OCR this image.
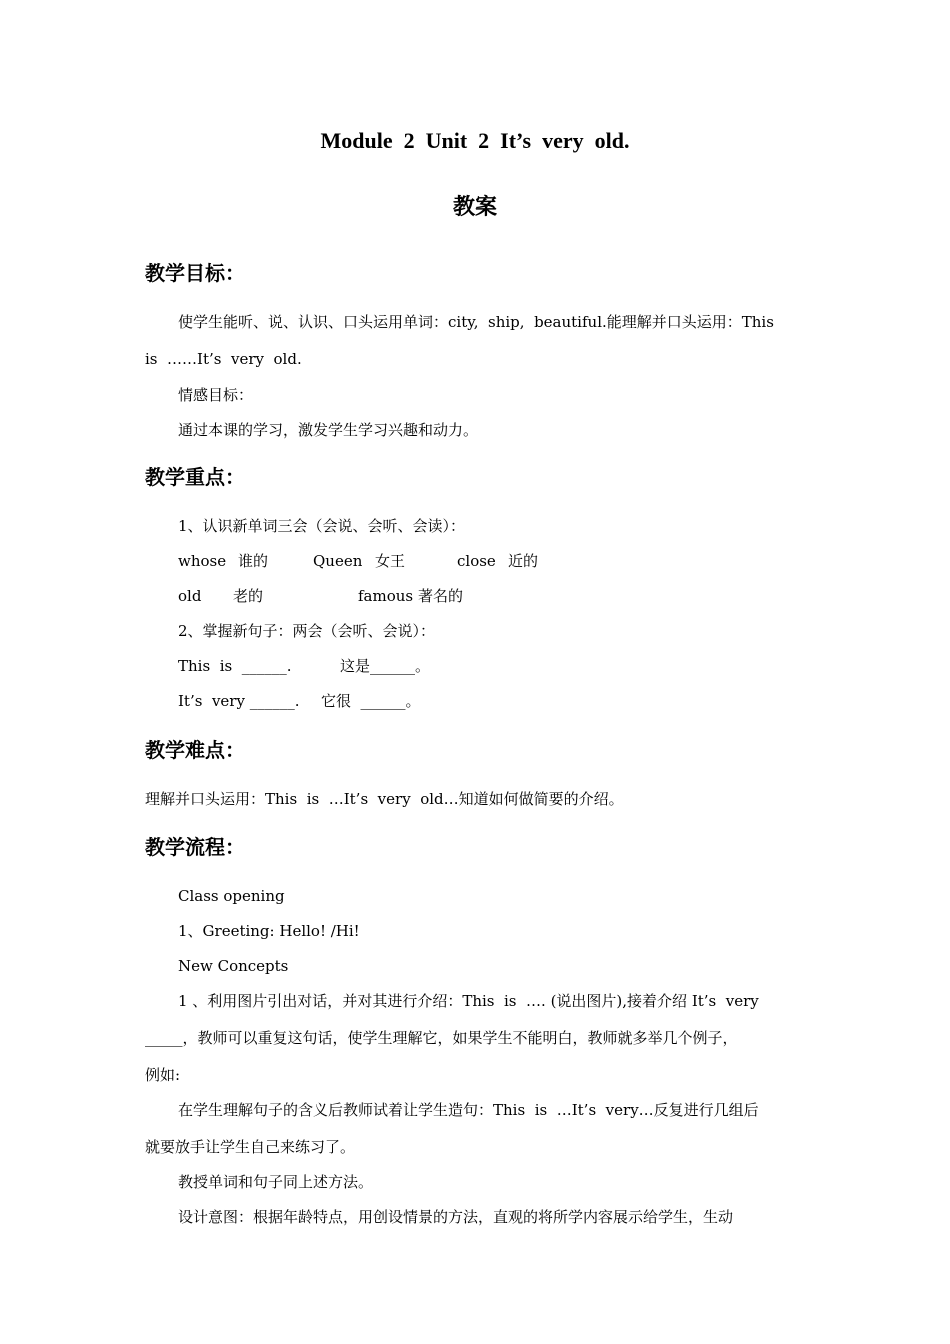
Module  2  Unit  2  It’s  very  old.
教案
教学目标：
使学生能听、说、认识、口头运用单词：city,  ship,  beautiful.能理解并口头运用：This
is  ……It’s  very  old.
情感目标：
通过本课的学习，激发学生学习兴趣和动力。
教学重点：
1、认识新单词三会（会说、会听、会读）：
whose 谁的	Queen 女王	close 近的
old 老的	famous 著名的
2、掌握新句子：两会（会听、会说）：
This  is  ______.	这是______。
It’s  very ______. 它很  ______。
教学难点：
理解并口头运用：This  is  …It’s  very  old…知道如何做简要的介绍。
教学流程：
Class opening
1、Greeting: Hello! /Hi!
New Concepts
1 、利用图片引出对话，并对其进行介绍：This  is  …. (说出图片),接着介绍 It’s  very
_____，教师可以重复这句话，使学生理解它，如果学生不能明白，教师就多举几个例子，
例如:
在学生理解句子的含义后教师试着让学生造句：This  is  …It’s  very…反复进行几组后
就要放手让学生自己来练习了。
教授单词和句子同上述方法。
设计意图：根据年龄特点，用创设情景的方法，直观的将所学内容展示给学生，生动
